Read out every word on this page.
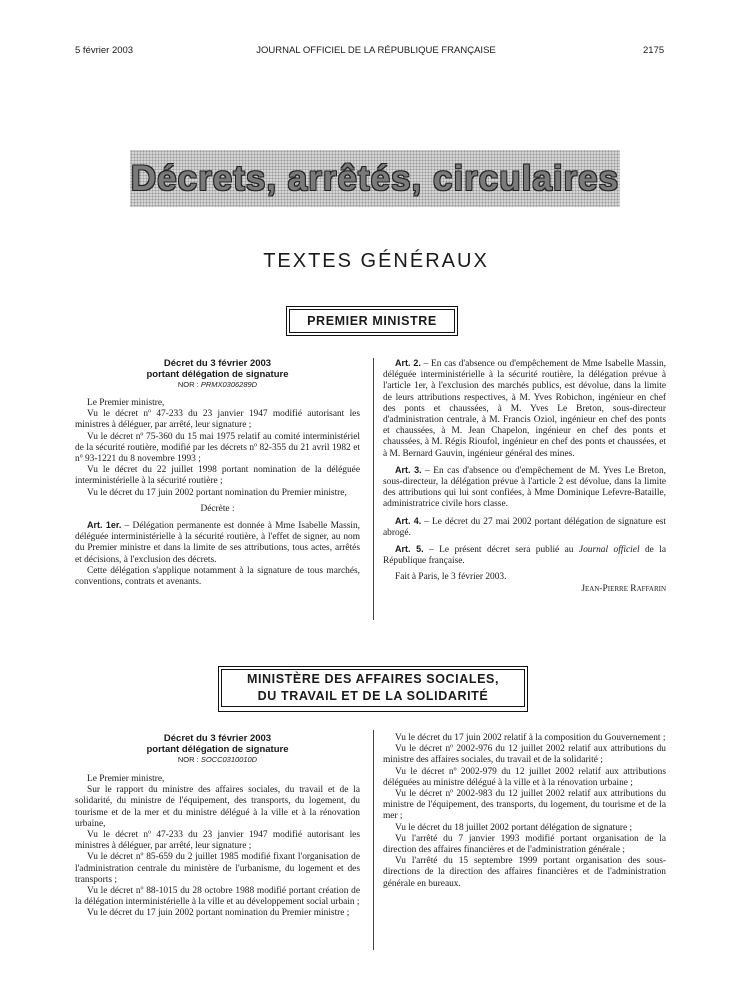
5 février 2003	JOURNAL OFFICIEL DE LA RÉPUBLIQUE FRANÇAISE	2175
Décrets, arrêtés, circulaires
TEXTES GÉNÉRAUX
PREMIER MINISTRE
Décret du 3 février 2003
portant délégation de signature
NOR : PRMX0306289D

Le Premier ministre,

Vu le décret nº 47-233 du 23 janvier 1947 modifié autorisant les ministres à déléguer, par arrêté, leur signature ;

Vu le décret nº 75-360 du 15 mai 1975 relatif au comité interministériel de la sécurité routière, modifié par les décrets nº 82-355 du 21 avril 1982 et nº 93-1221 du 8 novembre 1993 ;

Vu le décret du 22 juillet 1998 portant nomination de la déléguée interministérielle à la sécurité routière ;

Vu le décret du 17 juin 2002 portant nomination du Premier ministre,

Décrète :

Art. 1er. – Délégation permanente est donnée à Mme Isabelle Massin, déléguée interministérielle à la sécurité routière, à l'effet de signer, au nom du Premier ministre et dans la limite de ses attributions, tous actes, arrêtés et décisions, à l'exclusion des décrets.

Cette délégation s'applique notamment à la signature de tous marchés, conventions, contrats et avenants.

Art. 2. – En cas d'absence ou d'empêchement de Mme Isabelle Massin, déléguée interministérielle à la sécurité routière, la délégation prévue à l'article 1er, à l'exclusion des marchés publics, est dévolue, dans la limite de leurs attributions respectives, à M. Yves Robichon, ingénieur en chef des ponts et chaussées, à M. Yves Le Breton, sous-directeur d'administration centrale, à M. Francis Oziol, ingénieur en chef des ponts et chaussées, à M. Jean Chapelon, ingénieur en chef des ponts et chaussées, à M. Régis Rioufol, ingénieur en chef des ponts et chaussées, et à M. Bernard Gauvin, ingénieur général des mines.

Art. 3. – En cas d'absence ou d'empêchement de M. Yves Le Breton, sous-directeur, la délégation prévue à l'article 2 est dévolue, dans la limite des attributions qui lui sont confiées, à Mme Dominique Lefevre-Bataille, administratrice civile hors classe.

Art. 4. – Le décret du 27 mai 2002 portant délégation de signature est abrogé.

Art. 5. – Le présent décret sera publié au Journal officiel de la République française.

Fait à Paris, le 3 février 2003.

Jean-Pierre Raffarin

MINISTÈRE DES AFFAIRES SOCIALES,
DU TRAVAIL ET DE LA SOLIDARITÉ
Décret du 3 février 2003
portant délégation de signature
NOR : SOCC0310010D

Le Premier ministre,

Sur le rapport du ministre des affaires sociales, du travail et de la solidarité, du ministre de l'équipement, des transports, du logement, du tourisme et de la mer et du ministre délégué à la ville et à la rénovation urbaine,

Vu le décret nº 47-233 du 23 janvier 1947 modifié autorisant les ministres à déléguer, par arrêté, leur signature ;

Vu le décret nº 85-659 du 2 juillet 1985 modifié fixant l'organisation de l'administration centrale du ministère de l'urbanisme, du logement et des transports ;

Vu le décret nº 88-1015 du 28 octobre 1988 modifié portant création de la délégation interministérielle à la ville et au développement social urbain ;

Vu le décret du 17 juin 2002 portant nomination du Premier ministre ;

Vu le décret du 17 juin 2002 relatif à la composition du Gouvernement ;

Vu le décret nº 2002-976 du 12 juillet 2002 relatif aux attributions du ministre des affaires sociales, du travail et de la solidarité ;

Vu le décret nº 2002-979 du 12 juillet 2002 relatif aux attributions déléguées au ministre délégué à la ville et à la rénovation urbaine ;

Vu le décret nº 2002-983 du 12 juillet 2002 relatif aux attributions du ministre de l'équipement, des transports, du logement, du tourisme et de la mer ;

Vu le décret du 18 juillet 2002 portant délégation de signature ;

Vu l'arrêté du 7 janvier 1993 modifié portant organisation de la direction des affaires financières et de l'administration générale ;

Vu l'arrêté du 15 septembre 1999 portant organisation des sous-directions de la direction des affaires financières et de l'administration générale en bureaux.
